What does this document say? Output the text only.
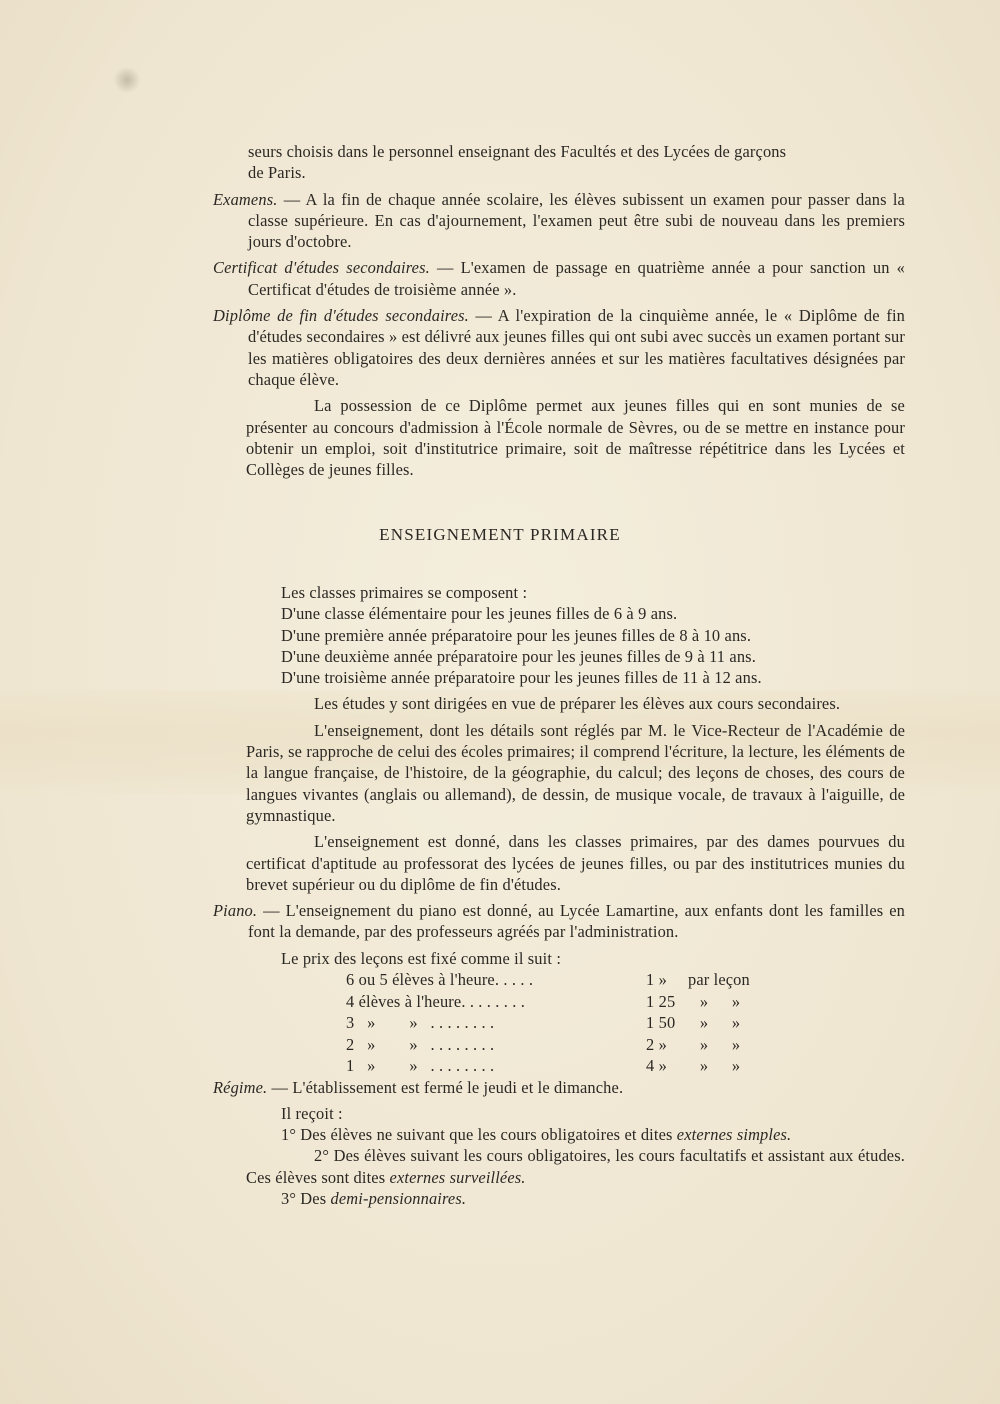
seurs choisis dans le personnel enseignant des Facultés et des Lycées de garçons

de Paris.

Examens. — A la fin de chaque année scolaire, les élèves subissent un examen pour passer dans la classe supérieure. En cas d'ajournement, l'examen peut être subi de nouveau dans les premiers jours d'octobre.

Certificat d'études secondaires. — L'examen de passage en quatrième année a pour sanction un « Certificat d'études de troisième année ».

Diplôme de fin d'études secondaires. — A l'expiration de la cinquième année, le « Diplôme de fin d'études secondaires » est délivré aux jeunes filles qui ont subi avec succès un examen portant sur les matières obligatoires des deux dernières années et sur les matières facultatives désignées par chaque élève.

La possession de ce Diplôme permet aux jeunes filles qui en sont munies de se présenter au concours d'admission à l'École normale de Sèvres, ou de se mettre en instance pour obtenir un emploi, soit d'institutrice primaire, soit de maîtresse répétitrice dans les Lycées et Collèges de jeunes filles.

ENSEIGNEMENT PRIMAIRE

Les classes primaires se composent :

D'une classe élémentaire pour les jeunes filles de 6 à 9 ans.

D'une première année préparatoire pour les jeunes filles de 8 à 10 ans.

D'une deuxième année préparatoire pour les jeunes filles de 9 à 11 ans.

D'une troisième année préparatoire pour les jeunes filles de 11 à 12 ans.

Les études y sont dirigées en vue de préparer les élèves aux cours secondaires.

L'enseignement, dont les détails sont réglés par M. le Vice-Recteur de l'Académie de Paris, se rapproche de celui des écoles primaires; il comprend l'écriture, la lecture, les éléments de la langue française, de l'histoire, de la géographie, du calcul; des leçons de choses, des cours de langues vivantes (anglais ou allemand), de dessin, de musique vocale, de travaux à l'aiguille, de gymnastique.

L'enseignement est donné, dans les classes primaires, par des dames pourvues du certificat d'aptitude au professorat des lycées de jeunes filles, ou par des institutrices munies du brevet supérieur ou du diplôme de fin d'études.

Piano. — L'enseignement du piano est donné, au Lycée Lamartine, aux enfants dont les familles en font la demande, par des professeurs agréés par l'administration.

Le prix des leçons est fixé comme il suit :

6 ou 5 élèves à l'heure. . . . .	1 »	par leçon	
4 élèves à l'heure. . . . . . . .	1 25	»	»
3   »        »   . . . . . . . .	1 50	»	»
2   »        »   . . . . . . . .	2 »	»	»
1   »        »   . . . . . . . .	4 »	»	»

Régime. — L'établissement est fermé le jeudi et le dimanche.

Il reçoit :

1° Des élèves ne suivant que les cours obligatoires et dites externes simples.

2° Des élèves suivant les cours obligatoires, les cours facultatifs et assistant aux études. Ces élèves sont dites externes surveillées.

3° Des demi-pensionnaires.
